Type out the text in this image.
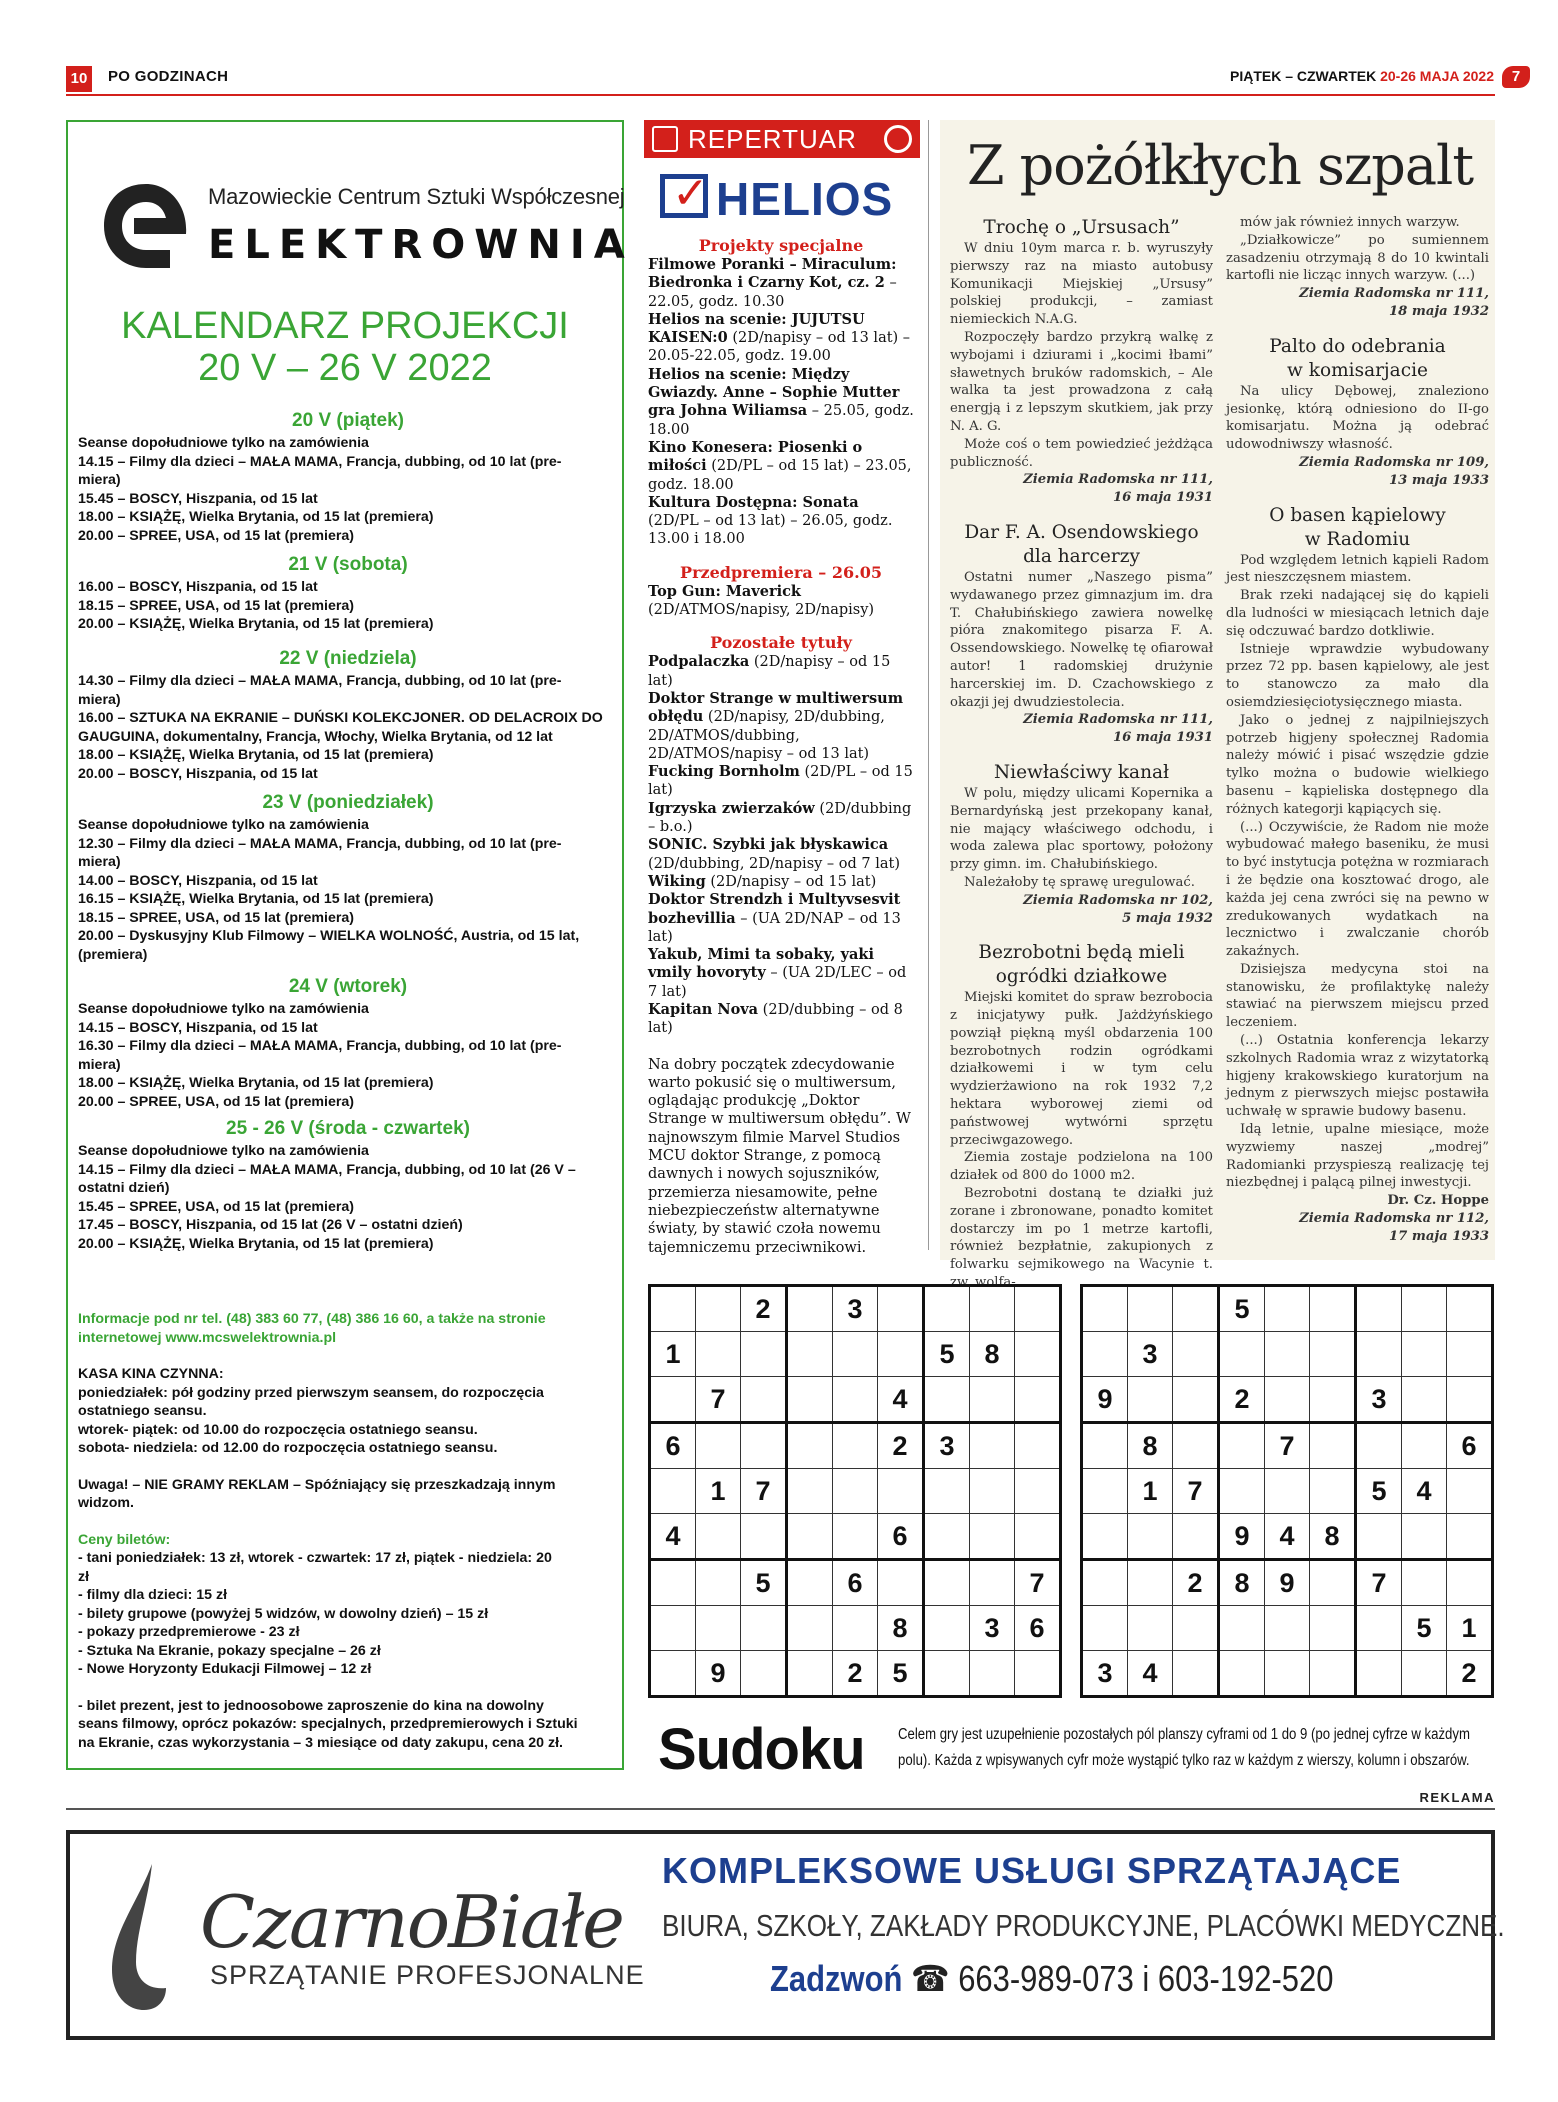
10	PO GODZINACH	PIĄTEK – CZWARTEK 20-26 MAJA 2022	7
Mazowieckie Centrum Sztuki Współczesnej
ELEKTROWNIA
KALENDARZ PROJEKCJI
20 V – 26 V 2022
20 V (piątek)
Seanse dopołudniowe tylko na zamówienia
14.15 – Filmy dla dzieci – MAŁA MAMA, Francja, dubbing, od 10 lat (pre-
miera)
15.45 – BOSCY, Hiszpania, od 15 lat
18.00 – KSIĄŻĘ, Wielka Brytania, od 15 lat (premiera)
20.00 – SPREE, USA, od 15 lat (premiera)
21 V (sobota)
16.00 – BOSCY, Hiszpania, od 15 lat
18.15 – SPREE, USA, od 15 lat (premiera)
20.00 – KSIĄŻĘ, Wielka Brytania, od 15 lat (premiera)
22 V (niedziela)
14.30 – Filmy dla dzieci – MAŁA MAMA, Francja, dubbing, od 10 lat (pre-
miera)
16.00 – SZTUKA NA EKRANIE – DUŃSKI KOLEKCJONER. OD DELACROIX DO
GAUGUINA, dokumentalny, Francja, Włochy, Wielka Brytania, od 12 lat
18.00 – KSIĄŻĘ, Wielka Brytania, od 15 lat (premiera)
20.00 – BOSCY, Hiszpania, od 15 lat
23 V (poniedziałek)
Seanse dopołudniowe tylko na zamówienia
12.30 – Filmy dla dzieci – MAŁA MAMA, Francja, dubbing, od 10 lat (pre-
miera)
14.00 – BOSCY, Hiszpania, od 15 lat
16.15 – KSIĄŻĘ, Wielka Brytania, od 15 lat (premiera)
18.15 – SPREE, USA, od 15 lat (premiera)
20.00 – Dyskusyjny Klub Filmowy – WIELKA WOLNOŚĆ, Austria, od 15 lat,
(premiera)
24 V (wtorek)
Seanse dopołudniowe tylko na zamówienia
14.15 – BOSCY, Hiszpania, od 15 lat
16.30 – Filmy dla dzieci – MAŁA MAMA, Francja, dubbing, od 10 lat (pre-
miera)
18.00 – KSIĄŻĘ, Wielka Brytania, od 15 lat (premiera)
20.00 – SPREE, USA, od 15 lat (premiera)
25 - 26 V (środa - czwartek)
Seanse dopołudniowe tylko na zamówienia
14.15 – Filmy dla dzieci – MAŁA MAMA, Francja, dubbing, od 10 lat (26 V –
ostatni dzień)
15.45 – SPREE, USA, od 15 lat (premiera)
17.45 – BOSCY, Hiszpania, od 15 lat (26 V – ostatni dzień)
20.00 – KSIĄŻĘ, Wielka Brytania, od 15 lat (premiera)
Informacje pod nr tel. (48) 383 60 77, (48) 386 16 60, a także na stronie
internetowej www.mcswelektrownia.pl
KASA KINA CZYNNA:
poniedziałek: pół godziny przed pierwszym seansem, do rozpoczęcia
ostatniego seansu.
wtorek- piątek: od 10.00 do rozpoczęcia ostatniego seansu.
sobota- niedziela: od 12.00 do rozpoczęcia ostatniego seansu.
Uwaga! – NIE GRAMY REKLAM – Spóźniający się przeszkadzają innym
widzom.
Ceny biletów:
- tani poniedziałek: 13 zł, wtorek - czwartek: 17 zł, piątek - niedziela: 20
zł
- filmy dla dzieci: 15 zł
- bilety grupowe (powyżej 5 widzów, w dowolny dzień) – 15 zł
- pokazy przedpremierowe - 23 zł
- Sztuka Na Ekranie, pokazy specjalne – 26 zł
- Nowe Horyzonty Edukacji Filmowej – 12 zł
- bilet prezent, jest to jednoosobowe zaproszenie do kina na dowolny
seans filmowy, oprócz pokazów: specjalnych, przedpremierowych i Sztuki
na Ekranie, czas wykorzystania – 3 miesiące od daty zakupu, cena 20 zł.
REPERTUAR
✓ HELIOS
Projekty specjalne

Filmowe Poranki – Miraculum: Biedronka i Czarny Kot, cz. 2 – 22.05, godz. 10.30

Helios na scenie: JUJUTSU KAISEN:0 (2D/napisy – od 13 lat) – 20.05-22.05, godz. 19.00

Helios na scenie: Między Gwiazdy. Anne – Sophie Mutter gra Johna Wiliamsa – 25.05, godz. 18.00

Kino Konesera: Piosenki o miłości (2D/PL – od 15 lat) – 23.05, godz. 18.00

Kultura Dostępna: Sonata (2D/PL – od 13 lat) – 26.05, godz. 13.00 i 18.00

Przedpremiera – 26.05

Top Gun: Maverick (2D/ATMOS/napisy, 2D/napisy)

Pozostałe tytuły

Podpalaczka (2D/napisy – od 15 lat)

Doktor Strange w multiwersum obłędu (2D/napisy, 2D/dubbing, 2D/ATMOS/dubbing, 2D/ATMOS/napisy – od 13 lat)

Fucking Bornholm (2D/PL – od 15 lat)

Igrzyska zwierzaków (2D/dubbing – b.o.)

SONIC. Szybki jak błyskawica (2D/dubbing, 2D/napisy – od 7 lat)

Wiking (2D/napisy – od 15 lat)

Doktor Strendzh i Multyvsesvit bozhevillia – (UA 2D/NAP – od 13 lat)

Yakub, Mimi ta sobaky, yaki vmily hovoryty – (UA 2D/LEC – od 7 lat)

Kapitan Nova (2D/dubbing – od 8 lat)

Na dobry początek zdecydowanie warto pokusić się o multiwersum, oglądając produkcję „Doktor Strange w multiwersum obłędu”. W najnowszym filmie Marvel Studios MCU doktor Strange, z pomocą dawnych i nowych sojuszników, przemierza niesamowite, pełne niebezpieczeństw alternatywne światy, by stawić czoła nowemu tajemniczemu przeciwnikowi.

Z pożółkłych szpalt
Trochę o „Ursusach”

W dniu 10ym marca r. b. wyruszyły pierwszy raz na miasto autobusy Komunikacji Miejskiej „Ursusy” polskiej produkcji, – zamiast niemieckich N.A.G.

Rozpoczęły bardzo przykrą walkę z wybojami i dziurami i „kocimi łbami” sławetnych bruków radomskich, – Ale walka ta jest prowadzona z całą energją i z lepszym skutkiem, jak przy N. A. G.

Może coś o tem powiedzieć jeżdżąca publiczność.

Ziemia Radomska nr 111,

16 maja 1931

Dar F. A. Osendowskiego
dla harcerzy

Ostatni numer „Naszego pisma” wydawanego przez gimnazjum im. dra T. Chałubińskiego zawiera nowelkę pióra znakomitego pisarza F. A. Ossendowskiego. Nowelkę tę ofiarował autor! 1 radomskiej drużynie harcerskiej im. D. Czachowskiego z okazji jej dwudziestolecia.

Ziemia Radomska nr 111,

16 maja 1931

Niewłaściwy kanał

W polu, między ulicami Kopernika a Bernardyńską jest przekopany kanał, nie mający właściwego odchodu, i woda zalewa plac sportowy, położony przy gimn. im. Chałubińskiego.

Należałoby tę sprawę uregulować.

Ziemia Radomska nr 102,

5 maja 1932

Bezrobotni będą mieli
ogródki działkowe

Miejski komitet do spraw bezrobocia z inicjatywy pułk. Jażdżyńskiego powziął piękną myśl obdarzenia 100 bezrobotnych rodzin ogródkami działkowemi i w tym celu wydzierżawiono na rok 1932 7,2 hektara wyborowej ziemi od państwowej wytwórni sprzętu przeciwgazowego.

Ziemia zostaje podzielona na 100 działek od 800 do 1000 m2.

Bezrobotni dostaną te działki już zorane i zbronowane, ponadto komitet dostarczy im po 1 metrze kartofli, również bezpłatnie, zakupionych z folwarku sejmikowego na Wacynie t. zw. wolfa-

mów jak również innych warzyw.

„Działkowicze” po sumiennem zasadzeniu otrzymają 8 do 10 kwintali kartofli nie licząc innych warzyw. (...)

Ziemia Radomska nr 111,

18 maja 1932

Palto do odebrania
w komisarjacie

Na ulicy Dębowej, znaleziono jesionkę, którą odniesiono do II-go komisarjatu. Można ją odebrać udowodniwszy własność.

Ziemia Radomska nr 109,

13 maja 1933

O basen kąpielowy
w Radomiu

Pod względem letnich kąpieli Radom jest nieszczęsnem miastem.

Brak rzeki nadającej się do kąpieli dla ludności w miesiącach letnich daje się odczuwać bardzo dotkliwie.

Istnieje wprawdzie wybudowany przez 72 pp. basen kąpielowy, ale jest to stanowczo za mało dla osiemdziesięciotysięcznego miasta.

Jako o jednej z najpilniejszych potrzeb higjeny społecznej Radomia należy mówić i pisać wszędzie gdzie tylko można o budowie wielkiego basenu – kąpieliska dostępnego dla różnych kategorji kąpiących się.

(...) Oczywiście, że Radom nie może wybudować małego baseniku, że musi to być instytucja potężna w rozmiarach i że będzie ona kosztować drogo, ale każda jej cena zwróci się na pewno w zredukowanych wydatkach na lecznictwo i zwalczanie chorób zakaźnych.

Dzisiejsza medycyna stoi na stanowisku, że profilaktykę należy stawiać na pierwszem miejscu przed leczeniem.

(...) Ostatnia konferencja lekarzy szkolnych Radomia wraz z wizytatorką higjeny krakowskiego kuratorjum na jednym z pierwszych miejsc postawiła uchwałę w sprawie budowy basenu.

Idą letnie, upalne miesiące, może wyzwiemy naszej „modrej” Radomianki przyspieszą realizację tej niezbędnej i palącą pilnej inwestycji.

Dr. Cz. Hoppe

Ziemia Radomska nr 112,

17 maja 1933

		2		3				
1						5	8	
	7				4			
6					2	3		
	1	7						
4					6			
		5		6				7
					8		3	6
	9			2	5			
			5					
	3							
9			2			3		
	8			7				6
	1	7				5	4	
			9	4	8			
		2	8	9		7		
							5	1
3	4							2
Sudoku Celem gry jest uzupełnienie pozostałych pól planszy cyframi od 1 do 9 (po jednej cyfrze w każdym
polu). Każda z wpisywanych cyfr może wystąpić tylko raz w każdym z wierszy, kolumn i obszarów.
REKLAMA
CzarnoBiałe
SPRZĄTANIE PROFESJONALNE
KOMPLEKSOWE USŁUGI SPRZĄTAJĄCE
BIURA, SZKOŁY, ZAKŁADY PRODUKCYJNE, PLACÓWKI MEDYCZNE.
Zadzwoń ☎ 663-989-073 i 603-192-520
